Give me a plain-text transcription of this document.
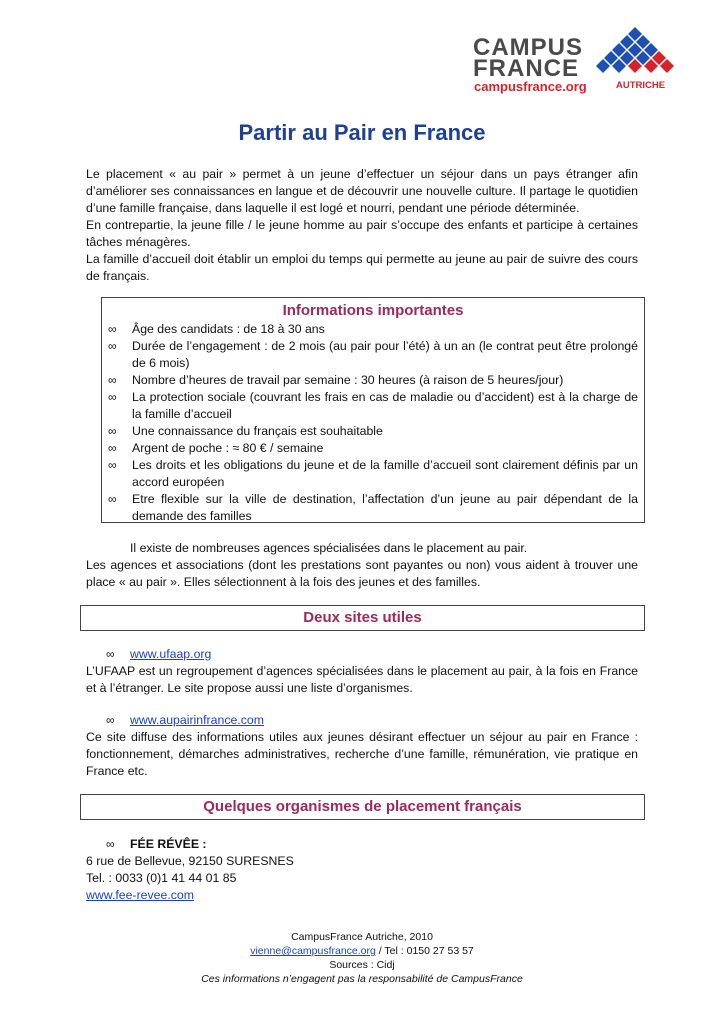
CAMPUS
FRANCE
campusfrance.org	AUTRICHE
Partir au Pair en France

Le placement « au pair » permet à un jeune d’effectuer un séjour dans un pays étranger afin d’améliorer ses connaissances en langue et de découvrir une nouvelle culture. Il partage le quotidien d’une famille française, dans laquelle il est logé et nourri, pendant une période déterminée.

En contrepartie, la jeune fille / le jeune homme au pair s’occupe des enfants et participe à certaines tâches ménagères.

La famille d’accueil doit établir un emploi du temps qui permette au jeune au pair de suivre des cours de français.

Informations importantes
∞ Âge des candidats : de 18 à 30 ans
∞ Durée de l’engagement : de 2 mois (au pair pour l’été) à un an (le contrat peut être prolongé de 6 mois)
∞ Nombre d’heures de travail par semaine : 30 heures (à raison de 5 heures/jour)
∞ La protection sociale (couvrant les frais en cas de maladie ou d’accident) est à la charge de la famille d’accueil
∞ Une connaissance du français est souhaitable
∞ Argent de poche : ≈ 80 € / semaine
∞ Les droits et les obligations du jeune et de la famille d’accueil sont clairement définis par un accord européen
∞ Etre flexible sur la ville de destination, l’affectation d’un jeune au pair dépendant de la demande des familles

Il existe de nombreuses agences spécialisées dans le placement au pair.

Les agences et associations (dont les prestations sont payantes ou non) vous aident à trouver une place « au pair ». Elles sélectionnent à la fois des jeunes et des familles.

Deux sites utiles
∞ www.ufaap.org

L’UFAAP est un regroupement d’agences spécialisées dans le placement au pair, à la fois en France et à l’étranger. Le site propose aussi une liste d’organismes.

∞ www.aupairinfrance.com

Ce site diffuse des informations utiles aux jeunes désirant effectuer un séjour au pair en France : fonctionnement, démarches administratives, recherche d’une famille, rémunération, vie pratique en France etc.

Quelques organismes de placement français
∞ FÉE RÉVÊE :

6 rue de Bellevue, 92150 SURESNES

Tel. : 0033 (0)1 41 44 01 85

www.fee-revee.com

CampusFrance Autriche, 2010
vienne@campusfrance.org / Tel : 0150 27 53 57
Sources : Cidj
Ces informations n’engagent pas la responsabilité de CampusFrance
